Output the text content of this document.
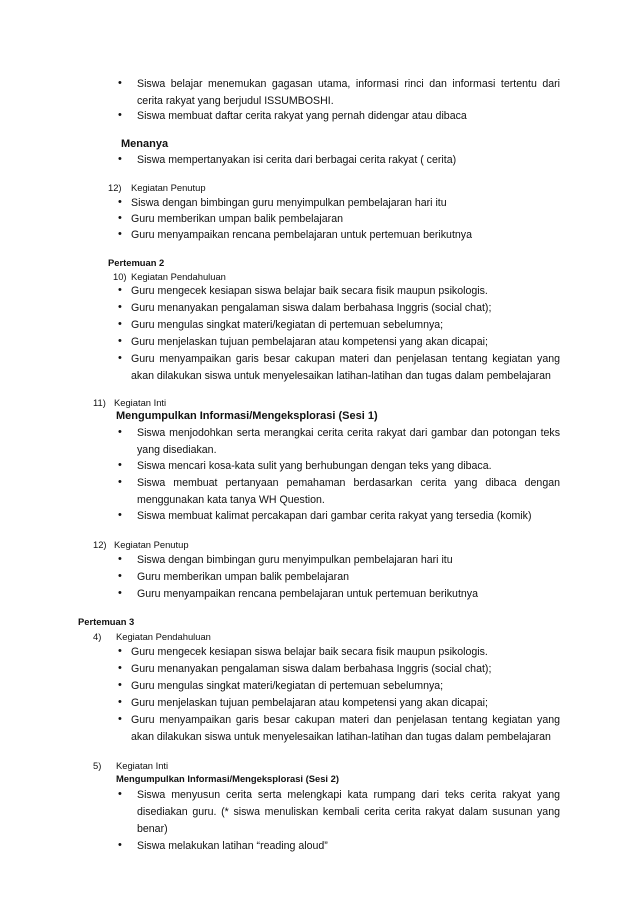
• Siswa belajar menemukan gagasan utama, informasi rinci dan informasi tertentu dari
cerita rakyat yang berjudul ISSUMBOSHI.
• Siswa membuat daftar cerita rakyat yang pernah didengar atau dibaca
Menanya
• Siswa mempertanyakan isi cerita dari berbagai cerita rakyat ( cerita)
12) Kegiatan Penutup
• Siswa dengan bimbingan guru menyimpulkan pembelajaran hari itu
• Guru memberikan umpan balik pembelajaran
• Guru menyampaikan rencana pembelajaran untuk pertemuan berikutnya
Pertemuan 2
10) Kegiatan Pendahuluan
• Guru mengecek kesiapan siswa belajar baik secara fisik maupun psikologis.
• Guru menanyakan pengalaman siswa dalam berbahasa Inggris (social chat);
• Guru mengulas singkat materi/kegiatan di pertemuan sebelumnya;
• Guru menjelaskan tujuan pembelajaran atau kompetensi yang akan dicapai;
• Guru menyampaikan garis besar cakupan materi dan penjelasan tentang kegiatan yang
akan dilakukan siswa untuk menyelesaikan latihan-latihan dan tugas dalam pembelajaran
11) Kegiatan Inti
Mengumpulkan Informasi/Mengeksplorasi (Sesi 1)
• Siswa menjodohkan serta merangkai cerita cerita rakyat dari gambar dan potongan teks
yang disediakan.
• Siswa mencari kosa-kata sulit yang berhubungan dengan teks yang dibaca.
• Siswa membuat pertanyaan pemahaman berdasarkan cerita yang dibaca dengan
menggunakan kata tanya WH Question.
• Siswa membuat kalimat percakapan dari gambar cerita rakyat yang tersedia (komik)
12) Kegiatan Penutup
• Siswa dengan bimbingan guru menyimpulkan pembelajaran hari itu
• Guru memberikan umpan balik pembelajaran
• Guru menyampaikan rencana pembelajaran untuk pertemuan berikutnya
Pertemuan 3
4) Kegiatan Pendahuluan
• Guru mengecek kesiapan siswa belajar baik secara fisik maupun psikologis.
• Guru menanyakan pengalaman siswa dalam berbahasa Inggris (social chat);
• Guru mengulas singkat materi/kegiatan di pertemuan sebelumnya;
• Guru menjelaskan tujuan pembelajaran atau kompetensi yang akan dicapai;
• Guru menyampaikan garis besar cakupan materi dan penjelasan tentang kegiatan yang
akan dilakukan siswa untuk menyelesaikan latihan-latihan dan tugas dalam pembelajaran
5) Kegiatan Inti
Mengumpulkan Informasi/Mengeksplorasi (Sesi 2)
• Siswa menyusun cerita serta melengkapi kata rumpang dari teks cerita rakyat yang
disediakan guru. (* siswa menuliskan kembali cerita cerita rakyat dalam susunan yang
benar)
• Siswa melakukan latihan “reading aloud”
